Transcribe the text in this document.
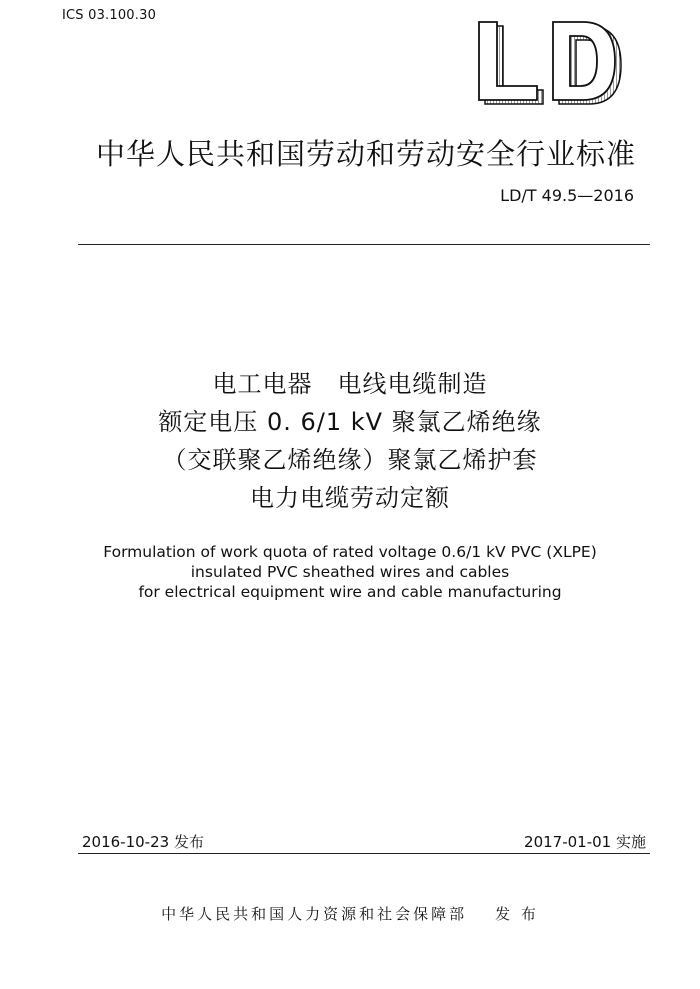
ICS 03.100.30
中华人民共和国劳动和劳动安全行业标准
LD/T 49.5—2016
电工电器　电线电缆制造
额定电压 0. 6/1 kV 聚氯乙烯绝缘
（交联聚乙烯绝缘）聚氯乙烯护套
电力电缆劳动定额
Formulation of work quota of rated voltage 0.6/1 kV PVC (XLPE)
insulated PVC sheathed wires and cables
for electrical equipment wire and cable manufacturing
2016-10-23 发布	2017-01-01 实施
中华人民共和国人力资源和社会保障部 发 布
